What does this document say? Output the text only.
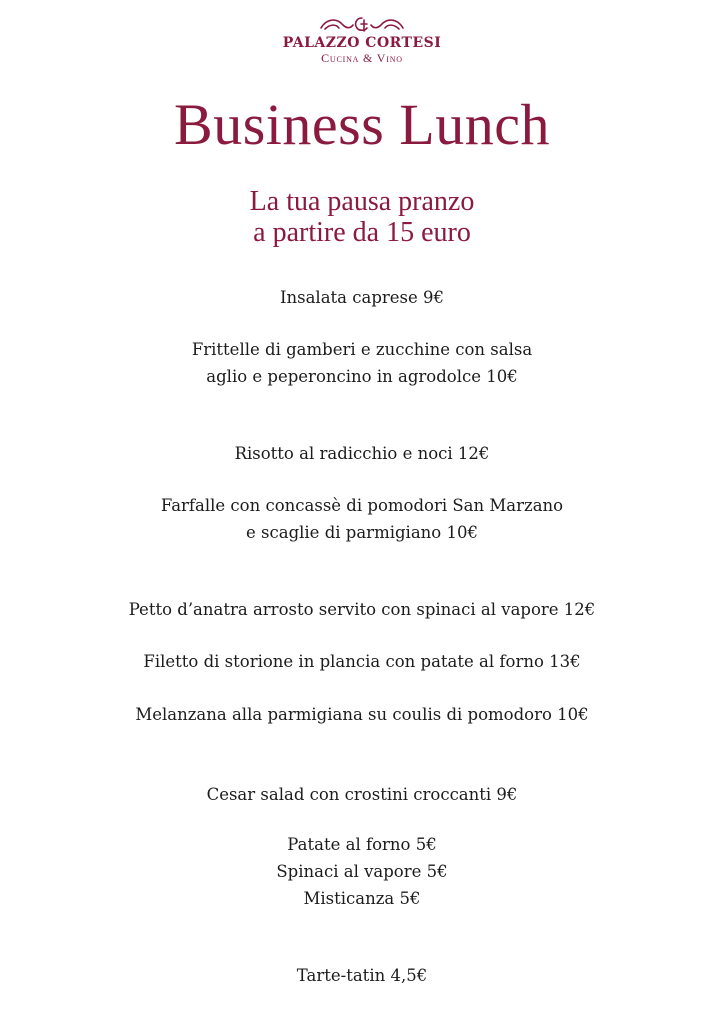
PALAZZO CORTESI
Cucina & Vino
Business Lunch
La tua pausa pranzo
a partire da 15 euro
Insalata caprese 9€
Frittelle di gamberi e zucchine con salsa
aglio e peperoncino in agrodolce 10€
Risotto al radicchio e noci 12€
Farfalle con concassè di pomodori San Marzano
e scaglie di parmigiano 10€
Petto d’anatra arrosto servito con spinaci al vapore 12€
Filetto di storione in plancia con patate al forno 13€
Melanzana alla parmigiana su coulis di pomodoro 10€
Cesar salad con crostini croccanti 9€
Patate al forno 5€
Spinaci al vapore 5€
Misticanza 5€
Tarte-tatin 4,5€
